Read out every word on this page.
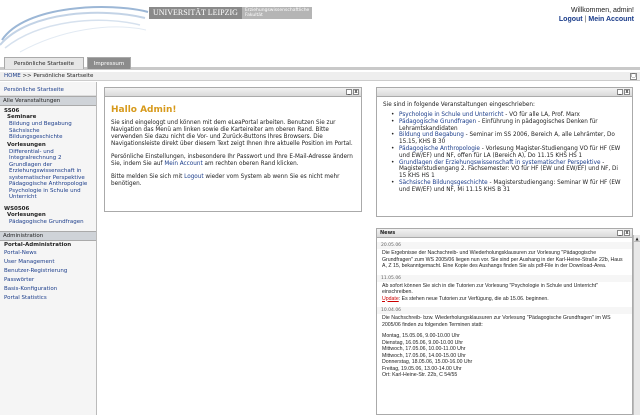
UNIVERSITÄT LEIPZIG	Erziehungswissenschaftliche Fakultät
Willkommen, admin!
Logout | Mein Account
Persönliche Startseite	Impressum
HOME >> Persönliche Startseite	▢
Persönliche Startseite
Alle Veranstaltungen
SS06
Seminare
Bildung und Begabung
Sächsische Bildungsgeschichte
Vorlesungen
Differential- und Integralrechnung 2
Grundlagen der Erziehungswissenschaft in systematischer Perspektive
Pädagogische Anthropologie
Psychologie in Schule und Unterricht
WS0506
Vorlesungen
Pädagogische Grundfragen
Administration
Portal-Administration
Portal-News
User Management
Benutzer-Registrierung
Passwörter
Basis-Konfiguration
Portal Statistics
_ x
Hallo Admin!

Sie sind eingeloggt und können mit dem eLeaPortal arbeiten. Benutzen Sie zur Navigation das Menü am linken sowie die Karteireiter am oberen Rand. Bitte verwenden Sie dazu nicht die Vor- und Zurück-Buttons Ihres Browsers. Die Navigationsleiste direkt über diesem Text zeigt Ihnen Ihre aktuelle Position im Portal.

Persönliche Einstellungen, insbesondere Ihr Passwort und Ihre E-Mail-Adresse ändern Sie, indem Sie auf Mein Account am rechten oberen Rand klicken.

Bitte melden Sie sich mit Logout wieder vom System ab wenn Sie es nicht mehr benötigen.

_ x
Sie sind in folgende Veranstaltungen eingeschrieben:
• Psychologie in Schule und Unterricht - VO für alle LA, Prof. Marx
• Pädagogische Grundfragen - Einführung in pädagogisches Denken für Lehramtskandidaten
• Bildung und Begabung - Seminar im SS 2006, Bereich A, alle Lehrämter, Do 15.15, KHS B 30
• Pädagogische Anthropologie - Vorlesung Magister-Studiengang VO für HF (EW und EW/EF) und NF, offen für LA (Bereich A), Do 11.15 KHS HS 1
• Grundlagen der Erziehungswissenschaft in systematischer Perspektive - Magisterstudiengang 2. Fachsemester: VO für HF (EW und EW/EF) und NF, Di 15 KHS HS 1
• Sächsische Bildungsgeschichte - Magisterstudiengang: Seminar W für HF (EW und EW/EF) und NF, Mi 11.15 KHS B 31
News	_ x
20.05.06
Die Ergebnisse der Nachschreib- und Wiederholungsklausuren zur Vorlesung "Pädagogische Grundfragen" zum WS 2005/06 liegen nun vor. Sie sind per Aushang in der Karl-Heine-Straße 22b, Haus A, Z 15, bekanntgemacht. Eine Kopie des Aushangs finden Sie als pdf-File in der Download-Area.
11.05.06
Ab sofort können Sie sich in die Tutorien zur Vorlesung "Psychologie in Schule und Unterricht" einschreiben.
Update: Es stehen neue Tutorien zur Verfügung, die ab 15.06. beginnen.
10.04.06
Die Nachschreib- bzw. Wiederholungsklausuren zur Vorlesung "Pädagogische Grundfragen" im WS 2005/06 finden zu folgenden Terminen statt:
Montag, 15.05.06, 9.00-10.00 Uhr
Dienstag, 16.05.06, 9.00-10.00 Uhr
Mittwoch, 17.05.06, 10.00-11.00 Uhr
Mittwoch, 17.05.06, 14.00-15.00 Uhr
Donnerstag, 18.05.06, 15.00-16.00 Uhr
Freitag, 19.05.06, 13.00-14.00 Uhr
Ort: Karl-Heine-Str. 22b, C 54/55
▲
